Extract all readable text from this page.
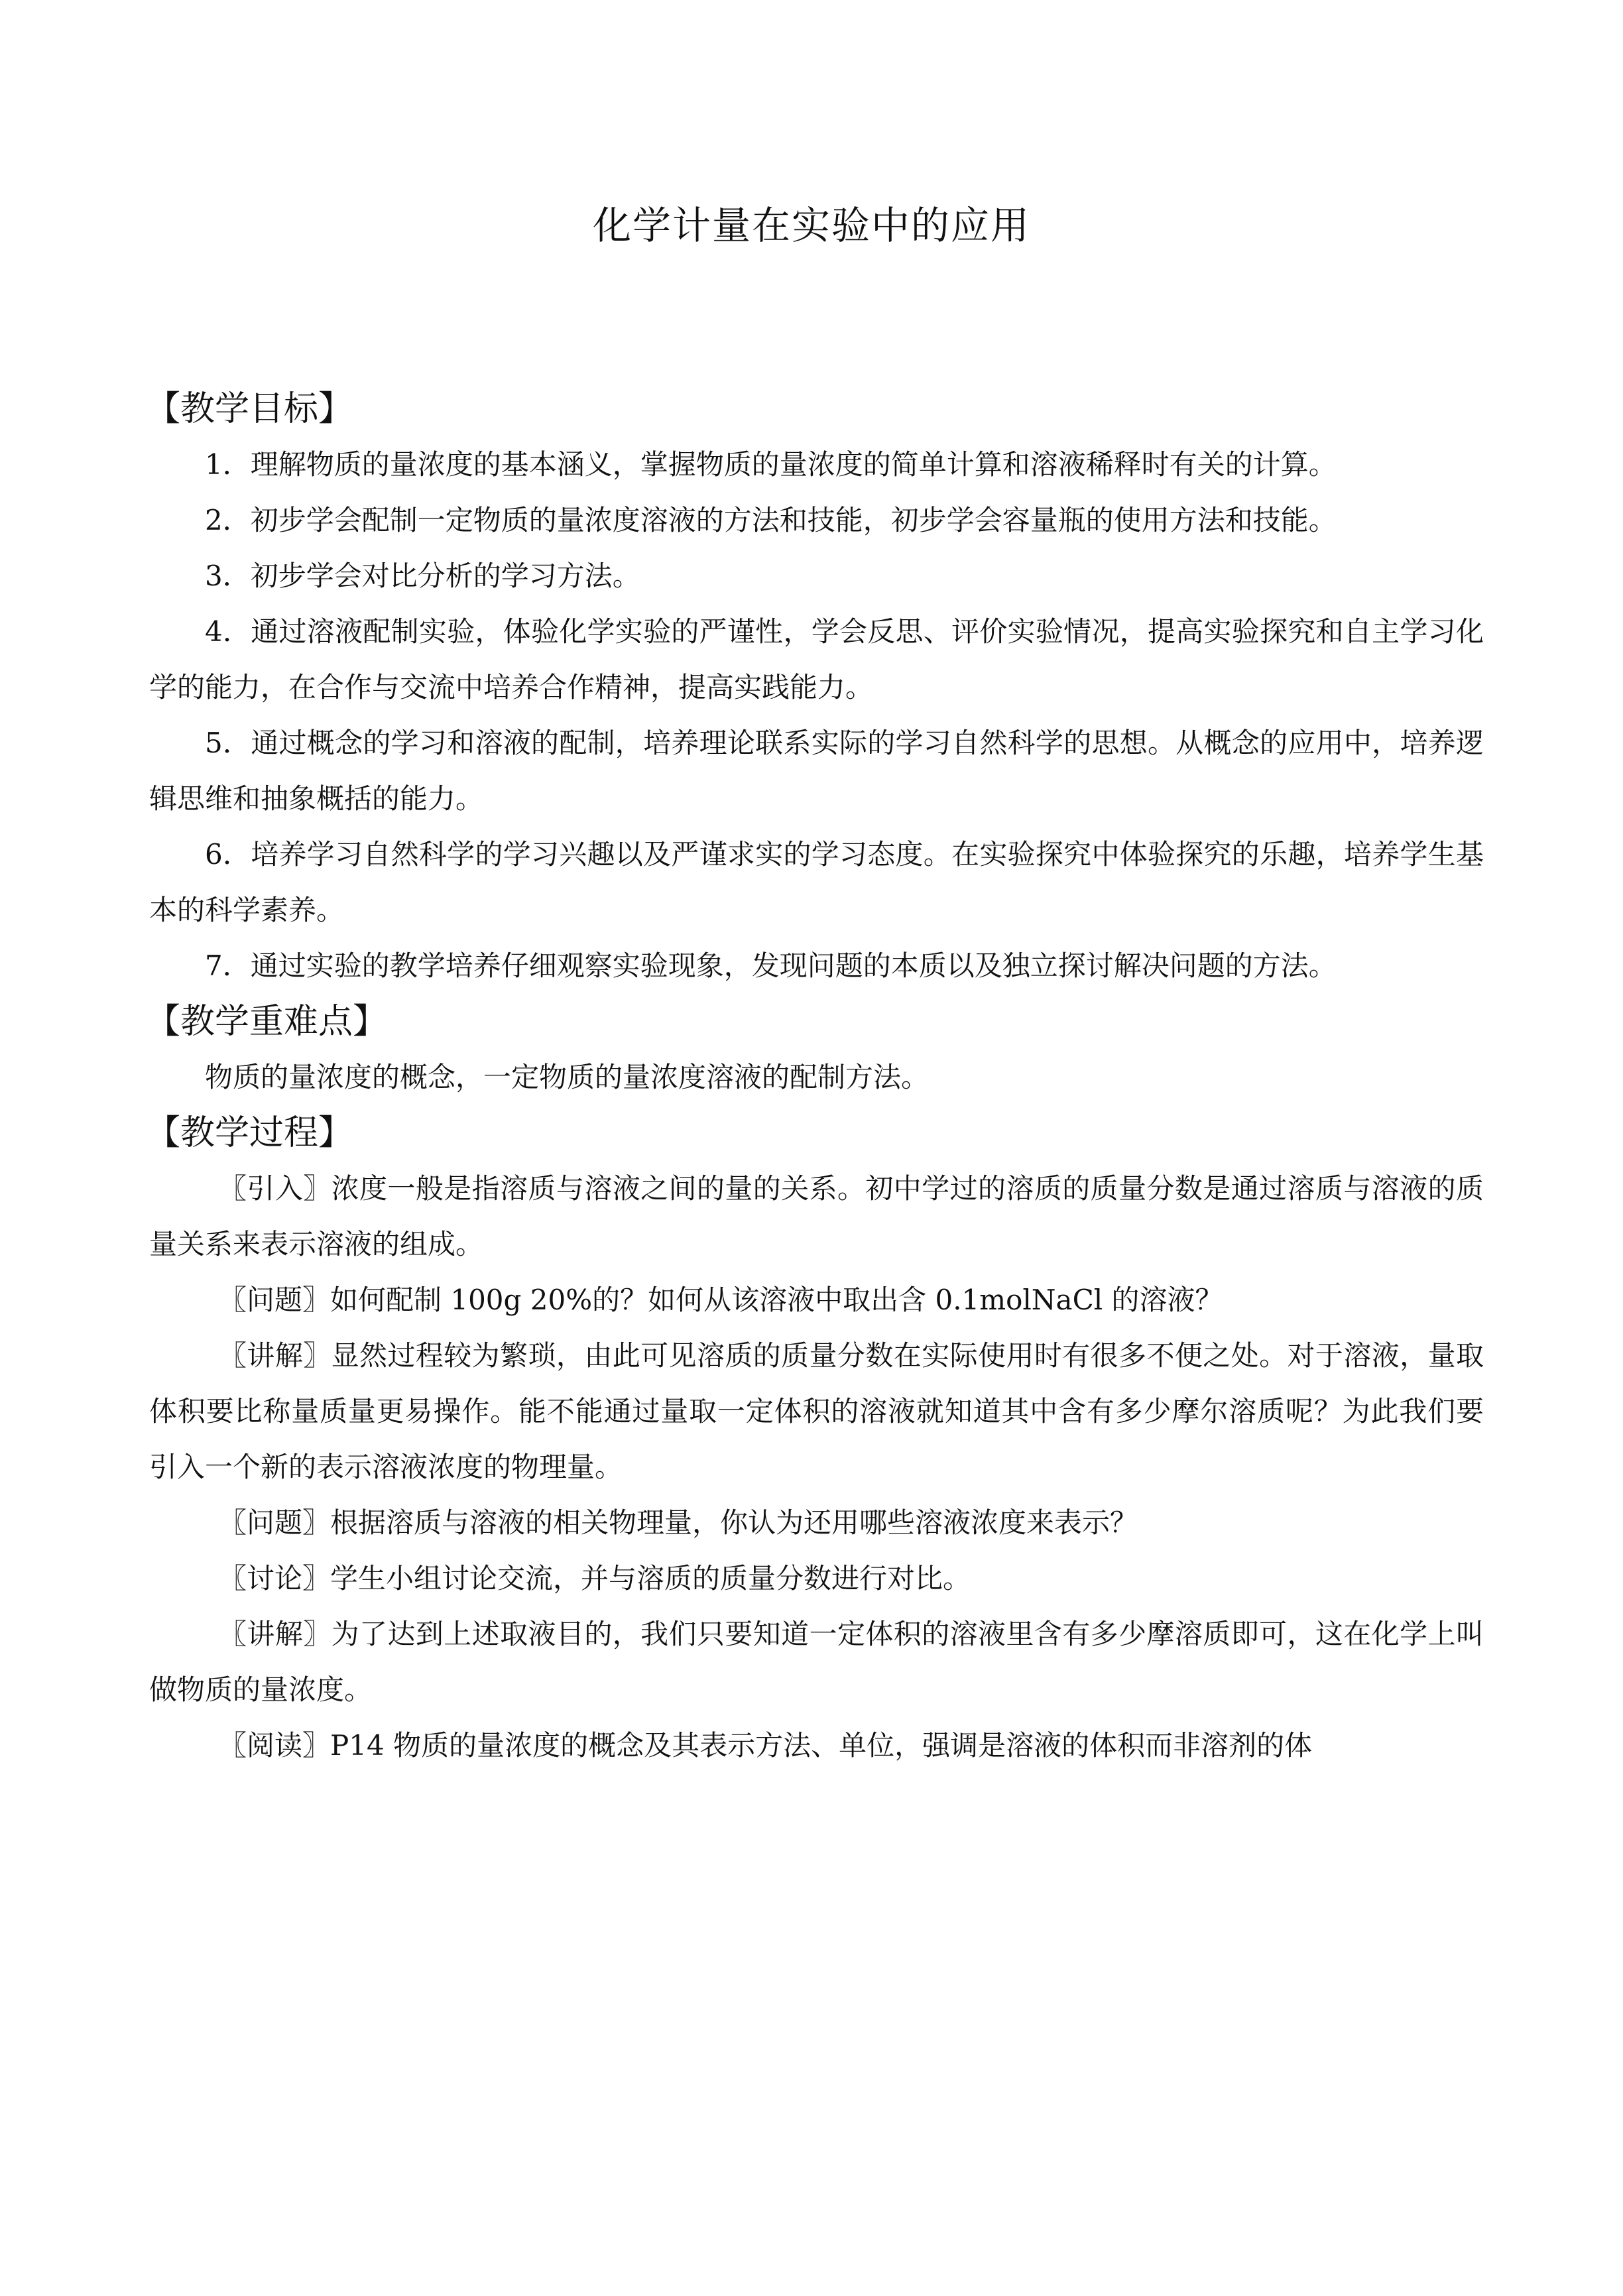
化学计量在实验中的应用
【教学目标】

1．理解物质的量浓度的基本涵义，掌握物质的量浓度的简单计算和溶液稀释时有关的计算。

2．初步学会配制一定物质的量浓度溶液的方法和技能，初步学会容量瓶的使用方法和技能。

3．初步学会对比分析的学习方法。

4．通过溶液配制实验，体验化学实验的严谨性，学会反思、评价实验情况，提高实验探究和自主学习化学的能力，在合作与交流中培养合作精神，提高实践能力。

5．通过概念的学习和溶液的配制，培养理论联系实际的学习自然科学的思想。从概念的应用中，培养逻辑思维和抽象概括的能力。

6．培养学习自然科学的学习兴趣以及严谨求实的学习态度。在实验探究中体验探究的乐趣，培养学生基本的科学素养。

7．通过实验的教学培养仔细观察实验现象，发现问题的本质以及独立探讨解决问题的方法。

【教学重难点】

物质的量浓度的概念，一定物质的量浓度溶液的配制方法。

【教学过程】

〖引入〗浓度一般是指溶质与溶液之间的量的关系。初中学过的溶质的质量分数是通过溶质与溶液的质量关系来表示溶液的组成。

〖问题〗如何配制 100g 20%的？如何从该溶液中取出含 0.1molNaCl 的溶液？

〖讲解〗显然过程较为繁琐，由此可见溶质的质量分数在实际使用时有很多不便之处。对于溶液，量取体积要比称量质量更易操作。能不能通过量取一定体积的溶液就知道其中含有多少摩尔溶质呢？为此我们要引入一个新的表示溶液浓度的物理量。

〖问题〗根据溶质与溶液的相关物理量，你认为还用哪些溶液浓度来表示？

〖讨论〗学生小组讨论交流，并与溶质的质量分数进行对比。

〖讲解〗为了达到上述取液目的，我们只要知道一定体积的溶液里含有多少摩溶质即可，这在化学上叫做物质的量浓度。

〖阅读〗P14 物质的量浓度的概念及其表示方法、单位，强调是溶液的体积而非溶剂的体
